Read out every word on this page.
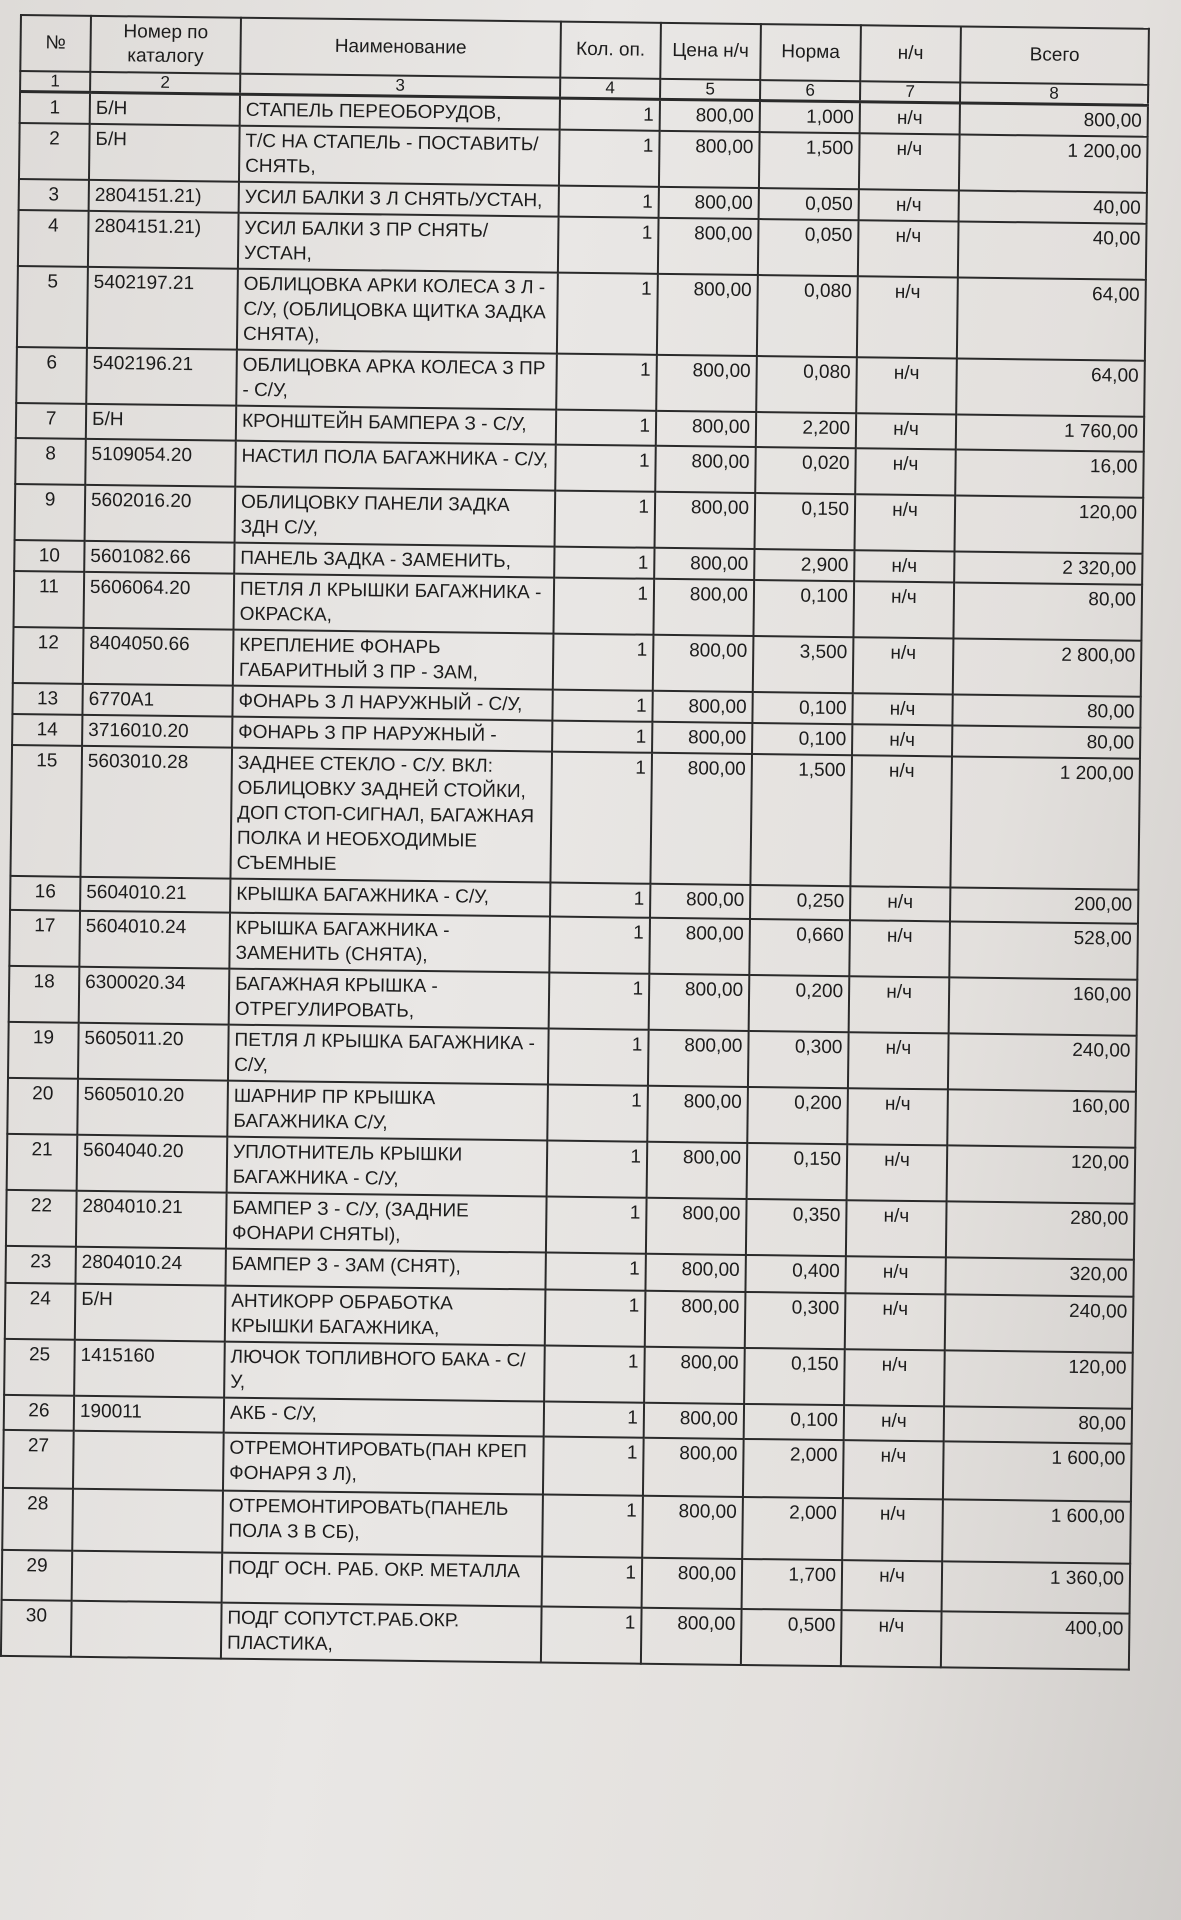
№	Номер по каталогу	Наименование	Кол. оп.	Цена н/ч	Норма	н/ч	Всего
1	2	3	4	5	6	7	8
1	Б/Н	СТАПЕЛЬ ПЕРЕОБОРУДОВ,	1	800,00	1,000	н/ч	800,00
2	Б/Н	Т/С НА СТАПЕЛЬ - ПОСТАВИТЬ/СНЯТЬ,	1	800,00	1,500	н/ч	1 200,00
3	2804151.21)	УСИЛ БАЛКИ З Л СНЯТЬ/УСТАН,	1	800,00	0,050	н/ч	40,00
4	2804151.21)	УСИЛ БАЛКИ З ПР СНЯТЬ/УСТАН,	1	800,00	0,050	н/ч	40,00
5	5402197.21	ОБЛИЦОВКА АРКИ КОЛЕСА З Л - С/У, (ОБЛИЦОВКА ЩИТКА ЗАДКА СНЯТА),	1	800,00	0,080	н/ч	64,00
6	5402196.21	ОБЛИЦОВКА АРКА КОЛЕСА З ПР - С/У,	1	800,00	0,080	н/ч	64,00
7	Б/Н	КРОНШТЕЙН БАМПЕРА З - С/У,	1	800,00	2,200	н/ч	1 760,00
8	5109054.20	НАСТИЛ ПОЛА БАГАЖНИКА - С/У,	1	800,00	0,020	н/ч	16,00
9	5602016.20	ОБЛИЦОВКУ ПАНЕЛИ ЗАДКА ЗДН С/У,	1	800,00	0,150	н/ч	120,00
10	5601082.66	ПАНЕЛЬ ЗАДКА - ЗАМЕНИТЬ,	1	800,00	2,900	н/ч	2 320,00
11	5606064.20	ПЕТЛЯ Л КРЫШКИ БАГАЖНИКА - ОКРАСКА,	1	800,00	0,100	н/ч	80,00
12	8404050.66	КРЕПЛЕНИЕ ФОНАРЬ ГАБАРИТНЫЙ З ПР - ЗАМ,	1	800,00	3,500	н/ч	2 800,00
13	6770A1	ФОНАРЬ З Л НАРУЖНЫЙ - С/У,	1	800,00	0,100	н/ч	80,00
14	3716010.20	ФОНАРЬ З ПР НАРУЖНЫЙ -	1	800,00	0,100	н/ч	80,00
15	5603010.28	ЗАДНЕЕ СТЕКЛО - С/У. ВКЛ: ОБЛИЦОВКУ ЗАДНЕЙ СТОЙКИ, ДОП СТОП-СИГНАЛ, БАГАЖНАЯ ПОЛКА И НЕОБХОДИМЫЕ СЪЕМНЫЕ	1	800,00	1,500	н/ч	1 200,00
16	5604010.21	КРЫШКА БАГАЖНИКА - С/У,	1	800,00	0,250	н/ч	200,00
17	5604010.24	КРЫШКА БАГАЖНИКА - ЗАМЕНИТЬ (СНЯТА),	1	800,00	0,660	н/ч	528,00
18	6300020.34	БАГАЖНАЯ КРЫШКА - ОТРЕГУЛИРОВАТЬ,	1	800,00	0,200	н/ч	160,00
19	5605011.20	ПЕТЛЯ Л КРЫШКА БАГАЖНИКА - С/У,	1	800,00	0,300	н/ч	240,00
20	5605010.20	ШАРНИР ПР КРЫШКА БАГАЖНИКА С/У,	1	800,00	0,200	н/ч	160,00
21	5604040.20	УПЛОТНИТЕЛЬ КРЫШКИ БАГАЖНИКА - С/У,	1	800,00	0,150	н/ч	120,00
22	2804010.21	БАМПЕР З - С/У, (ЗАДНИЕ ФОНАРИ СНЯТЫ),	1	800,00	0,350	н/ч	280,00
23	2804010.24	БАМПЕР З - ЗАМ (СНЯТ),	1	800,00	0,400	н/ч	320,00
24	Б/Н	АНТИКОРР ОБРАБОТКА КРЫШКИ БАГАЖНИКА,	1	800,00	0,300	н/ч	240,00
25	1415160	ЛЮЧОК ТОПЛИВНОГО БАКА - С/У,	1	800,00	0,150	н/ч	120,00
26	190011	АКБ - С/У,	1	800,00	0,100	н/ч	80,00
27		ОТРЕМОНТИРОВАТЬ(ПАН КРЕП ФОНАРЯ З Л),	1	800,00	2,000	н/ч	1 600,00
28		ОТРЕМОНТИРОВАТЬ(ПАНЕЛЬ ПОЛА З В СБ),	1	800,00	2,000	н/ч	1 600,00
29		ПОДГ ОСН. РАБ. ОКР. МЕТАЛЛА	1	800,00	1,700	н/ч	1 360,00
30		ПОДГ СОПУТСТ.РАБ.ОКР. ПЛАСТИКА,	1	800,00	0,500	н/ч	400,00
